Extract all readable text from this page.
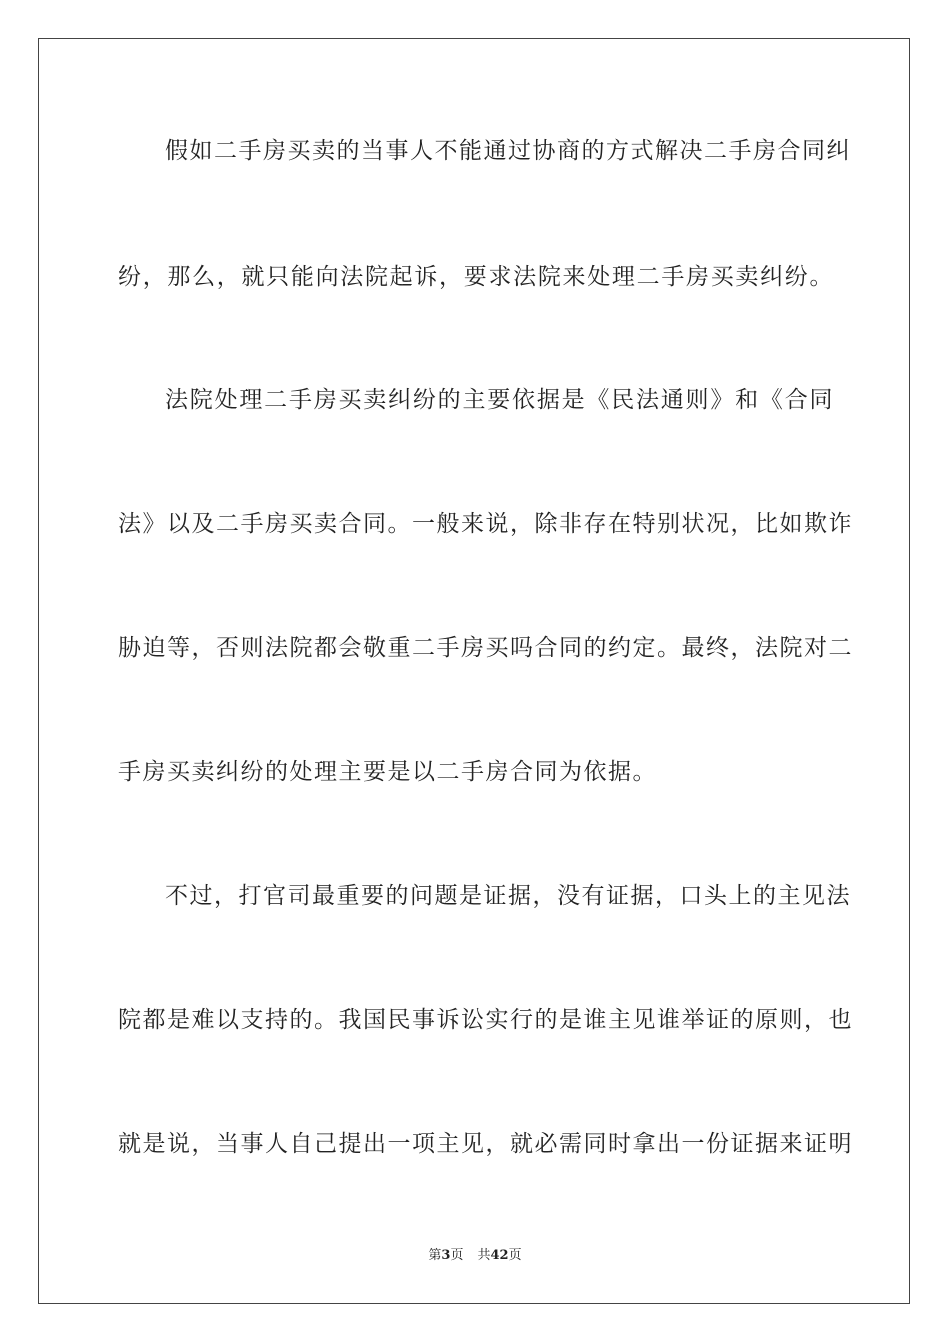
假如二手房买卖的当事人不能通过协商的方式解决二手房合同纠
纷，那么，就只能向法院起诉，要求法院来处理二手房买卖纠纷。
法院处理二手房买卖纠纷的主要依据是《民法通则》和《合同
法》以及二手房买卖合同。一般来说，除非存在特别状况，比如欺诈
胁迫等，否则法院都会敬重二手房买吗合同的约定。最终，法院对二
手房买卖纠纷的处理主要是以二手房合同为依据。
不过，打官司最重要的问题是证据，没有证据，口头上的主见法
院都是难以支持的。我国民事诉讼实行的是谁主见谁举证的原则，也
就是说，当事人自己提出一项主见，就必需同时拿出一份证据来证明
第3页 共42页
